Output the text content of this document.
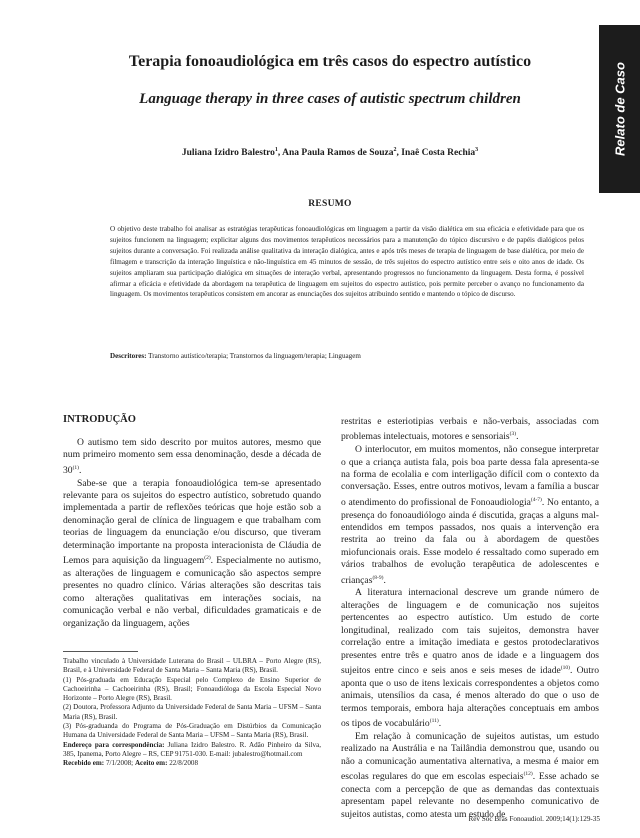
Relato de Caso
Terapia fonoaudiológica em três casos do espectro autístico
Language therapy in three cases of autistic spectrum children
Juliana Izidro Balestro$^1$, Ana Paula Ramos de Souza$^2$, Inaê Costa Rechia$^3$
RESUMO

O objetivo deste trabalho foi analisar as estratégias terapêuticas fonoaudiológicas em linguagem a partir da visão dialética em sua eficácia e efetividade para que os sujeitos funcionem na linguagem; explicitar alguns dos movimentos terapêuticos necessários para a manutenção do tópico discursivo e de papéis dialógicos pelos sujeitos durante a conversação. Foi realizada análise qualitativa da interação dialógica, antes e após três meses de terapia de linguagem de base dialética, por meio de filmagem e transcrição da interação linguística e não-linguística em 45 minutos de sessão, de três sujeitos do espectro autístico entre seis e oito anos de idade. Os sujeitos ampliaram sua participação dialógica em situações de interação verbal, apresentando progressos no funcionamento da linguagem. Desta forma, é possível afirmar a eficácia e efetividade da abordagem na terapêutica de linguagem em sujeitos do espectro autístico, pois permite perceber o avanço no funcionamento da linguagem. Os movimentos terapêuticos consistem em ancorar as enunciações dos sujeitos atribuindo sentido e mantendo o tópico de discurso.

Descritores: Transtorno autístico/terapia; Transtornos da linguagem/terapia; Linguagem

INTRODUÇÃO

O autismo tem sido descrito por muitos autores, mesmo que num primeiro momento sem essa denominação, desde a década de 30$^{(1)}$.

Sabe-se que a terapia fonoaudiológica tem-se apresentado relevante para os sujeitos do espectro autístico, sobretudo quando implementada a partir de reflexões teóricas que hoje estão sob a denominação geral de clínica de linguagem e que trabalham com teorias de linguagem da enunciação e/ou discurso, que tiveram determinação importante na proposta interacionista de Cláudia de Lemos para aquisição da linguagem$^{(2)}$. Especialmente no autismo, as alterações de linguagem e comunicação são aspectos sempre presentes no quadro clínico. Várias alterações são descritas tais como alterações qualitativas em interações sociais, na comunicação verbal e não verbal, dificuldades gramaticais e de organização da linguagem, ações

Trabalho vinculado à Universidade Luterana do Brasil – ULBRA – Porto Alegre (RS), Brasil, e à Universidade Federal de Santa Maria – Santa Maria (RS), Brasil.

(1) Pós-graduada em Educação Especial pelo Complexo de Ensino Superior de Cachoeirinha – Cachoeirinha (RS), Brasil; Fonoaudióloga da Escola Especial Novo Horizonte – Porto Alegre (RS), Brasil.

(2) Doutora, Professora Adjunto da Universidade Federal de Santa Maria – UFSM – Santa Maria (RS), Brasil.

(3) Pós-graduanda do Programa de Pós-Graduação em Distúrbios da Comunicação Humana da Universidade Federal de Santa Maria – UFSM – Santa Maria (RS), Brasil.

Endereço para correspondência: Juliana Izidro Balestro. R. Adão Pinheiro da Silva, 385, Ipanema, Porto Alegre – RS, CEP 91751-030. E-mail: jubalestro@hotmail.com

Recebido em: 7/1/2008; Aceito em: 22/8/2008

restritas e esteriotipias verbais e não-verbais, associadas com problemas intelectuais, motores e sensoriais$^{(3)}$.

O interlocutor, em muitos momentos, não consegue interpretar o que a criança autista fala, pois boa parte dessa fala apresenta-se na forma de ecolalia e com interligação difícil com o contexto da conversação. Esses, entre outros motivos, levam a família a buscar o atendimento do profissional de Fonoaudiologia$^{(4-7)}$. No entanto, a presença do fonoaudiólogo ainda é discutida, graças a alguns mal-entendidos em tempos passados, nos quais a intervenção era restrita ao treino da fala ou à abordagem de questões miofuncionais orais. Esse modelo é ressaltado como superado em vários trabalhos de evolução terapêutica de adolescentes e crianças$^{(8-9)}$.

A literatura internacional descreve um grande número de alterações de linguagem e de comunicação nos sujeitos pertencentes ao espectro autístico. Um estudo de corte longitudinal, realizado com tais sujeitos, demonstra haver correlação entre a imitação imediata e gestos protodeclarativos presentes entre três e quatro anos de idade e a linguagem dos sujeitos entre cinco e seis anos e seis meses de idade$^{(10)}$. Outro aponta que o uso de itens lexicais correspondentes a objetos como animais, utensílios da casa, é menos alterado do que o uso de termos temporais, embora haja alterações conceptuais em ambos os tipos de vocabulário$^{(11)}$.

Em relação à comunicação de sujeitos autistas, um estudo realizado na Austrália e na Tailândia demonstrou que, usando ou não a comunicação aumentativa alternativa, a mesma é maior em escolas regulares do que em escolas especiais$^{(12)}$. Esse achado se conecta com a percepção de que as demandas das contextuais apresentam papel relevante no desempenho comunicativo de sujeitos autistas, como atesta um estudo de

Rev Soc Bras Fonoaudiol. 2009;14(1):129-35
